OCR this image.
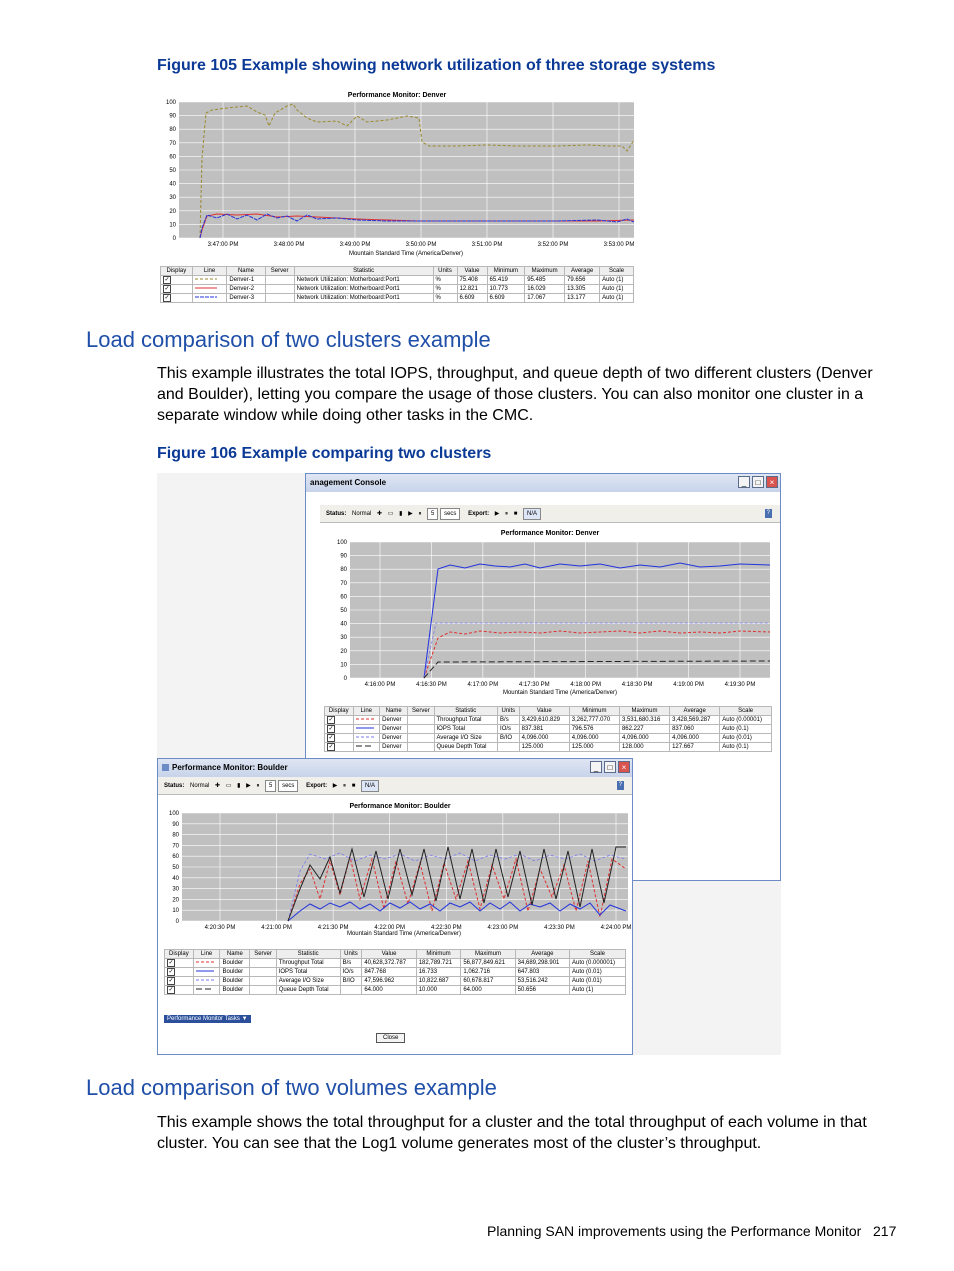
Figure 105 Example showing network utilization of three storage systems
Performance Monitor: Denver
100
90
80
70
60
50
40
30
20
10
0
3:47:00 PM	3:48:00 PM	3:49:00 PM	3:50:00 PM	3:51:00 PM	3:52:00 PM	3:53:00 PM
Mountain Standard Time (America/Denver)
Display	Line	Name	Server	Statistic	Units	Value	Minimum	Maximum	Average	Scale
✓		Denver-1		Network Utilization: Motherboard:Port1	%	75.408	65.419	95.485	79.656	Auto (1)
✓		Denver-2		Network Utilization: Motherboard:Port1	%	12.821	10.773	16.029	13.305	Auto (1)
✓		Denver-3		Network Utilization: Motherboard:Port1	%	6.609	6.609	17.067	13.177	Auto (1)
Load comparison of two clusters example
This example illustrates the total IOPS, throughput, and queue depth of two different clusters (Denver and Boulder), letting you compare the usage of those clusters. You can also monitor one cluster in a separate window while doing other tasks in the CMC.
Figure 106 Example comparing two clusters
anagement Console	_	□	×
Status: Normal ✚ ▭ ▮ ▶ ⏸ 5 secs Export: ▶ ⏸ ■ N/A	?
Performance Monitor: Denver
100
90
80
70
60
50
40
30
20
10
0
4:16:00 PM	4:16:30 PM	4:17:00 PM	4:17:30 PM	4:18:00 PM	4:18:30 PM	4:19:00 PM	4:19:30 PM
Mountain Standard Time (America/Denver)
Display	Line	Name	Server	Statistic	Units	Value	Minimum	Maximum	Average	Scale
✓		Denver		Throughput Total	B/s	3,429,610.829	3,262,777.070	3,531,680.316	3,428,569.287	Auto (0.00001)
✓		Denver		IOPS Total	IO/s	837.381	796.576	862.227	837.060	Auto (0.1)
✓		Denver		Average I/O Size	B/IO	4,096.000	4,096.000	4,096.000	4,096.000	Auto (0.01)
✓		Denver		Queue Depth Total		125.000	125.000	128.000	127.667	Auto (0.1)
Performance Monitor: Boulder	_	□	×
Status: Normal ✚ ▭ ▮ ▶ ⏸ 5 secs Export: ▶ ⏸ ■ N/A	?
Performance Monitor: Boulder
100
90
80
70
60
50
40
30
20
10
0
4:20:30 PM	4:21:00 PM	4:21:30 PM	4:22:00 PM	4:22:30 PM	4:23:00 PM	4:23:30 PM	4:24:00 PM
Mountain Standard Time (America/Denver)
Display	Line	Name	Server	Statistic	Units	Value	Minimum	Maximum	Average	Scale
✓		Boulder		Throughput Total	B/s	40,628,372.787	182,789.721	56,877,849.621	34,689,298.901	Auto (0.000001)
✓		Boulder		IOPS Total	IO/s	847.768	16.733	1,062.716	647.803	Auto (0.01)
✓		Boulder		Average I/O Size	B/IO	47,596.962	10,822.687	60,678.817	53,516.242	Auto (0.01)
✓		Boulder		Queue Depth Total		64.000	10.000	64.000	50.656	Auto (1)
Performance Monitor Tasks ▼
Close
Load comparison of two volumes example
This example shows the total throughput for a cluster and the total throughput of each volume in that cluster. You can see that the Log1 volume generates most of the cluster’s throughput.
Planning SAN improvements using the Performance Monitor 217
